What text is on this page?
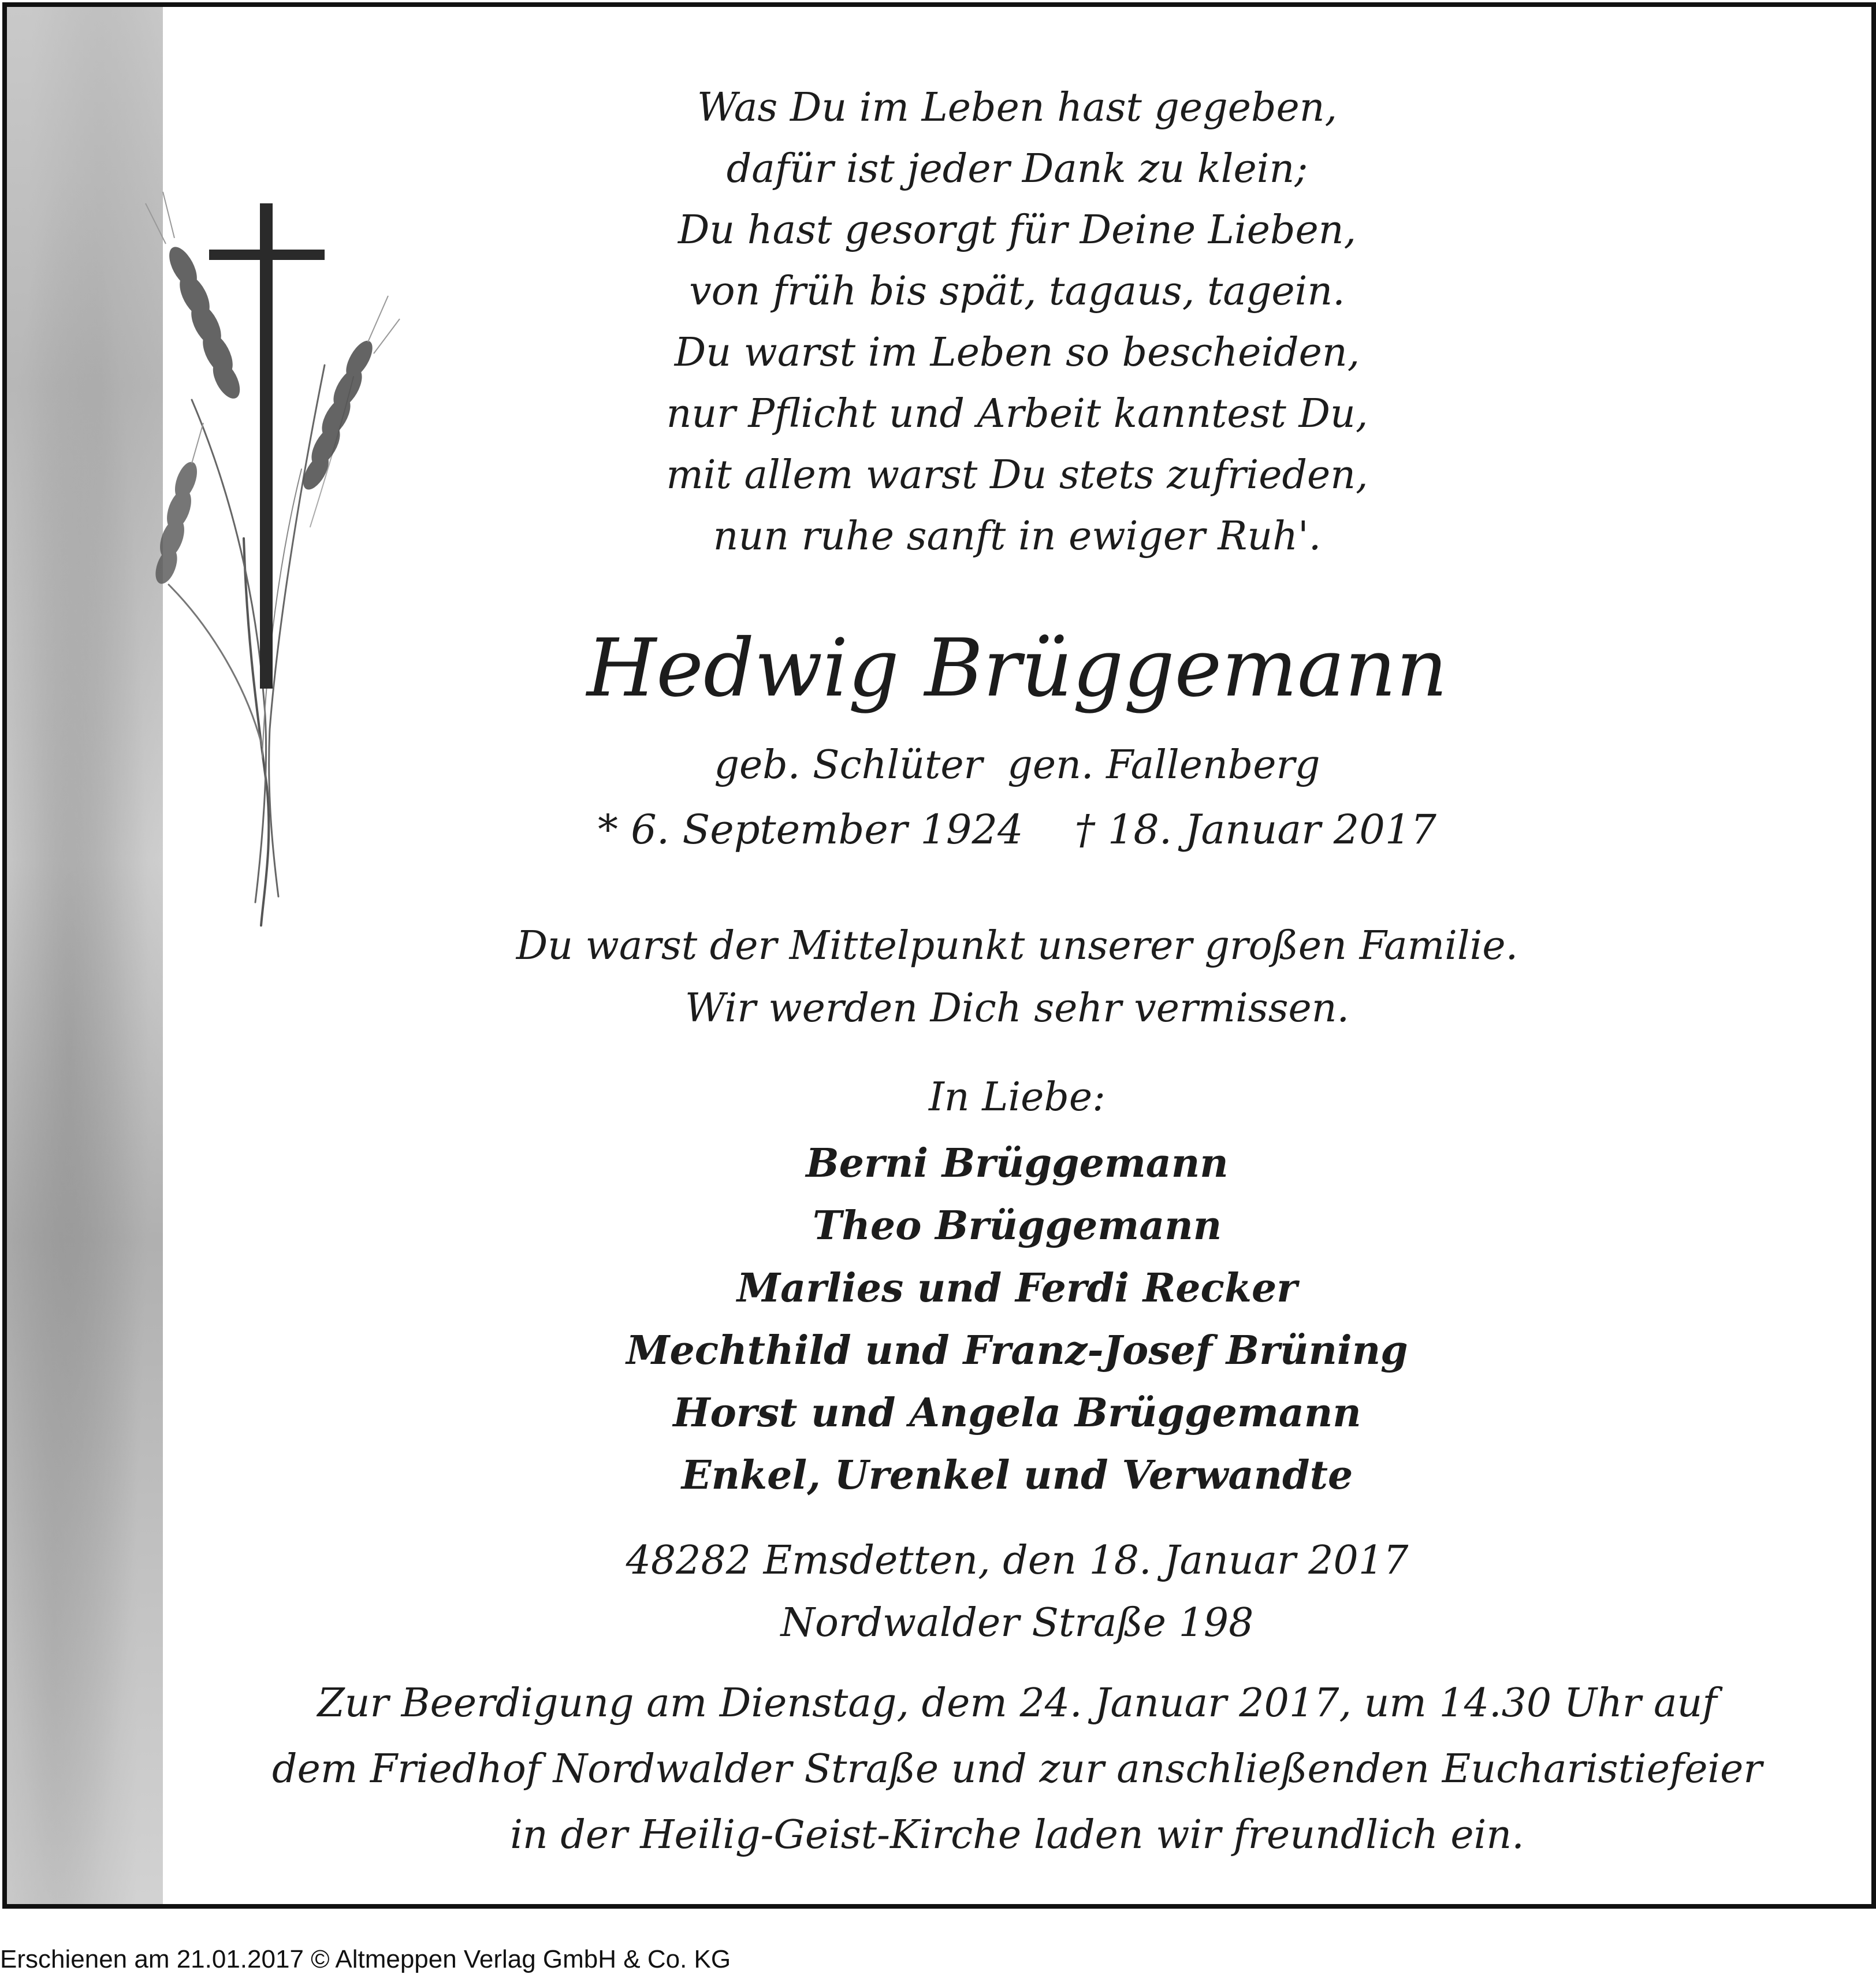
Was Du im Leben hast gegeben,
dafür ist jeder Dank zu klein;
Du hast gesorgt für Deine Lieben,
von früh bis spät, tagaus, tagein.
Du warst im Leben so bescheiden,
nur Pflicht und Arbeit kanntest Du,
mit allem warst Du stets zufrieden,
nun ruhe sanft in ewiger Ruh'.
Hedwig Brüggemann
geb. Schlüter  gen. Fallenberg
* 6. September 1924 † 18. Januar 2017
Du warst der Mittelpunkt unserer großen Familie.
Wir werden Dich sehr vermissen.
In Liebe:
Berni Brüggemann
Theo Brüggemann
Marlies und Ferdi Recker
Mechthild und Franz-Josef Brüning
Horst und Angela Brüggemann
Enkel, Urenkel und Verwandte
48282 Emsdetten, den 18. Januar 2017
Nordwalder Straße 198
Zur Beerdigung am Dienstag, dem 24. Januar 2017, um 14.30 Uhr auf
dem Friedhof Nordwalder Straße und zur anschließenden Eucharistiefeier
in der Heilig-Geist-Kirche laden wir freundlich ein.
Erschienen am 21.01.2017 © Altmeppen Verlag GmbH & Co. KG
